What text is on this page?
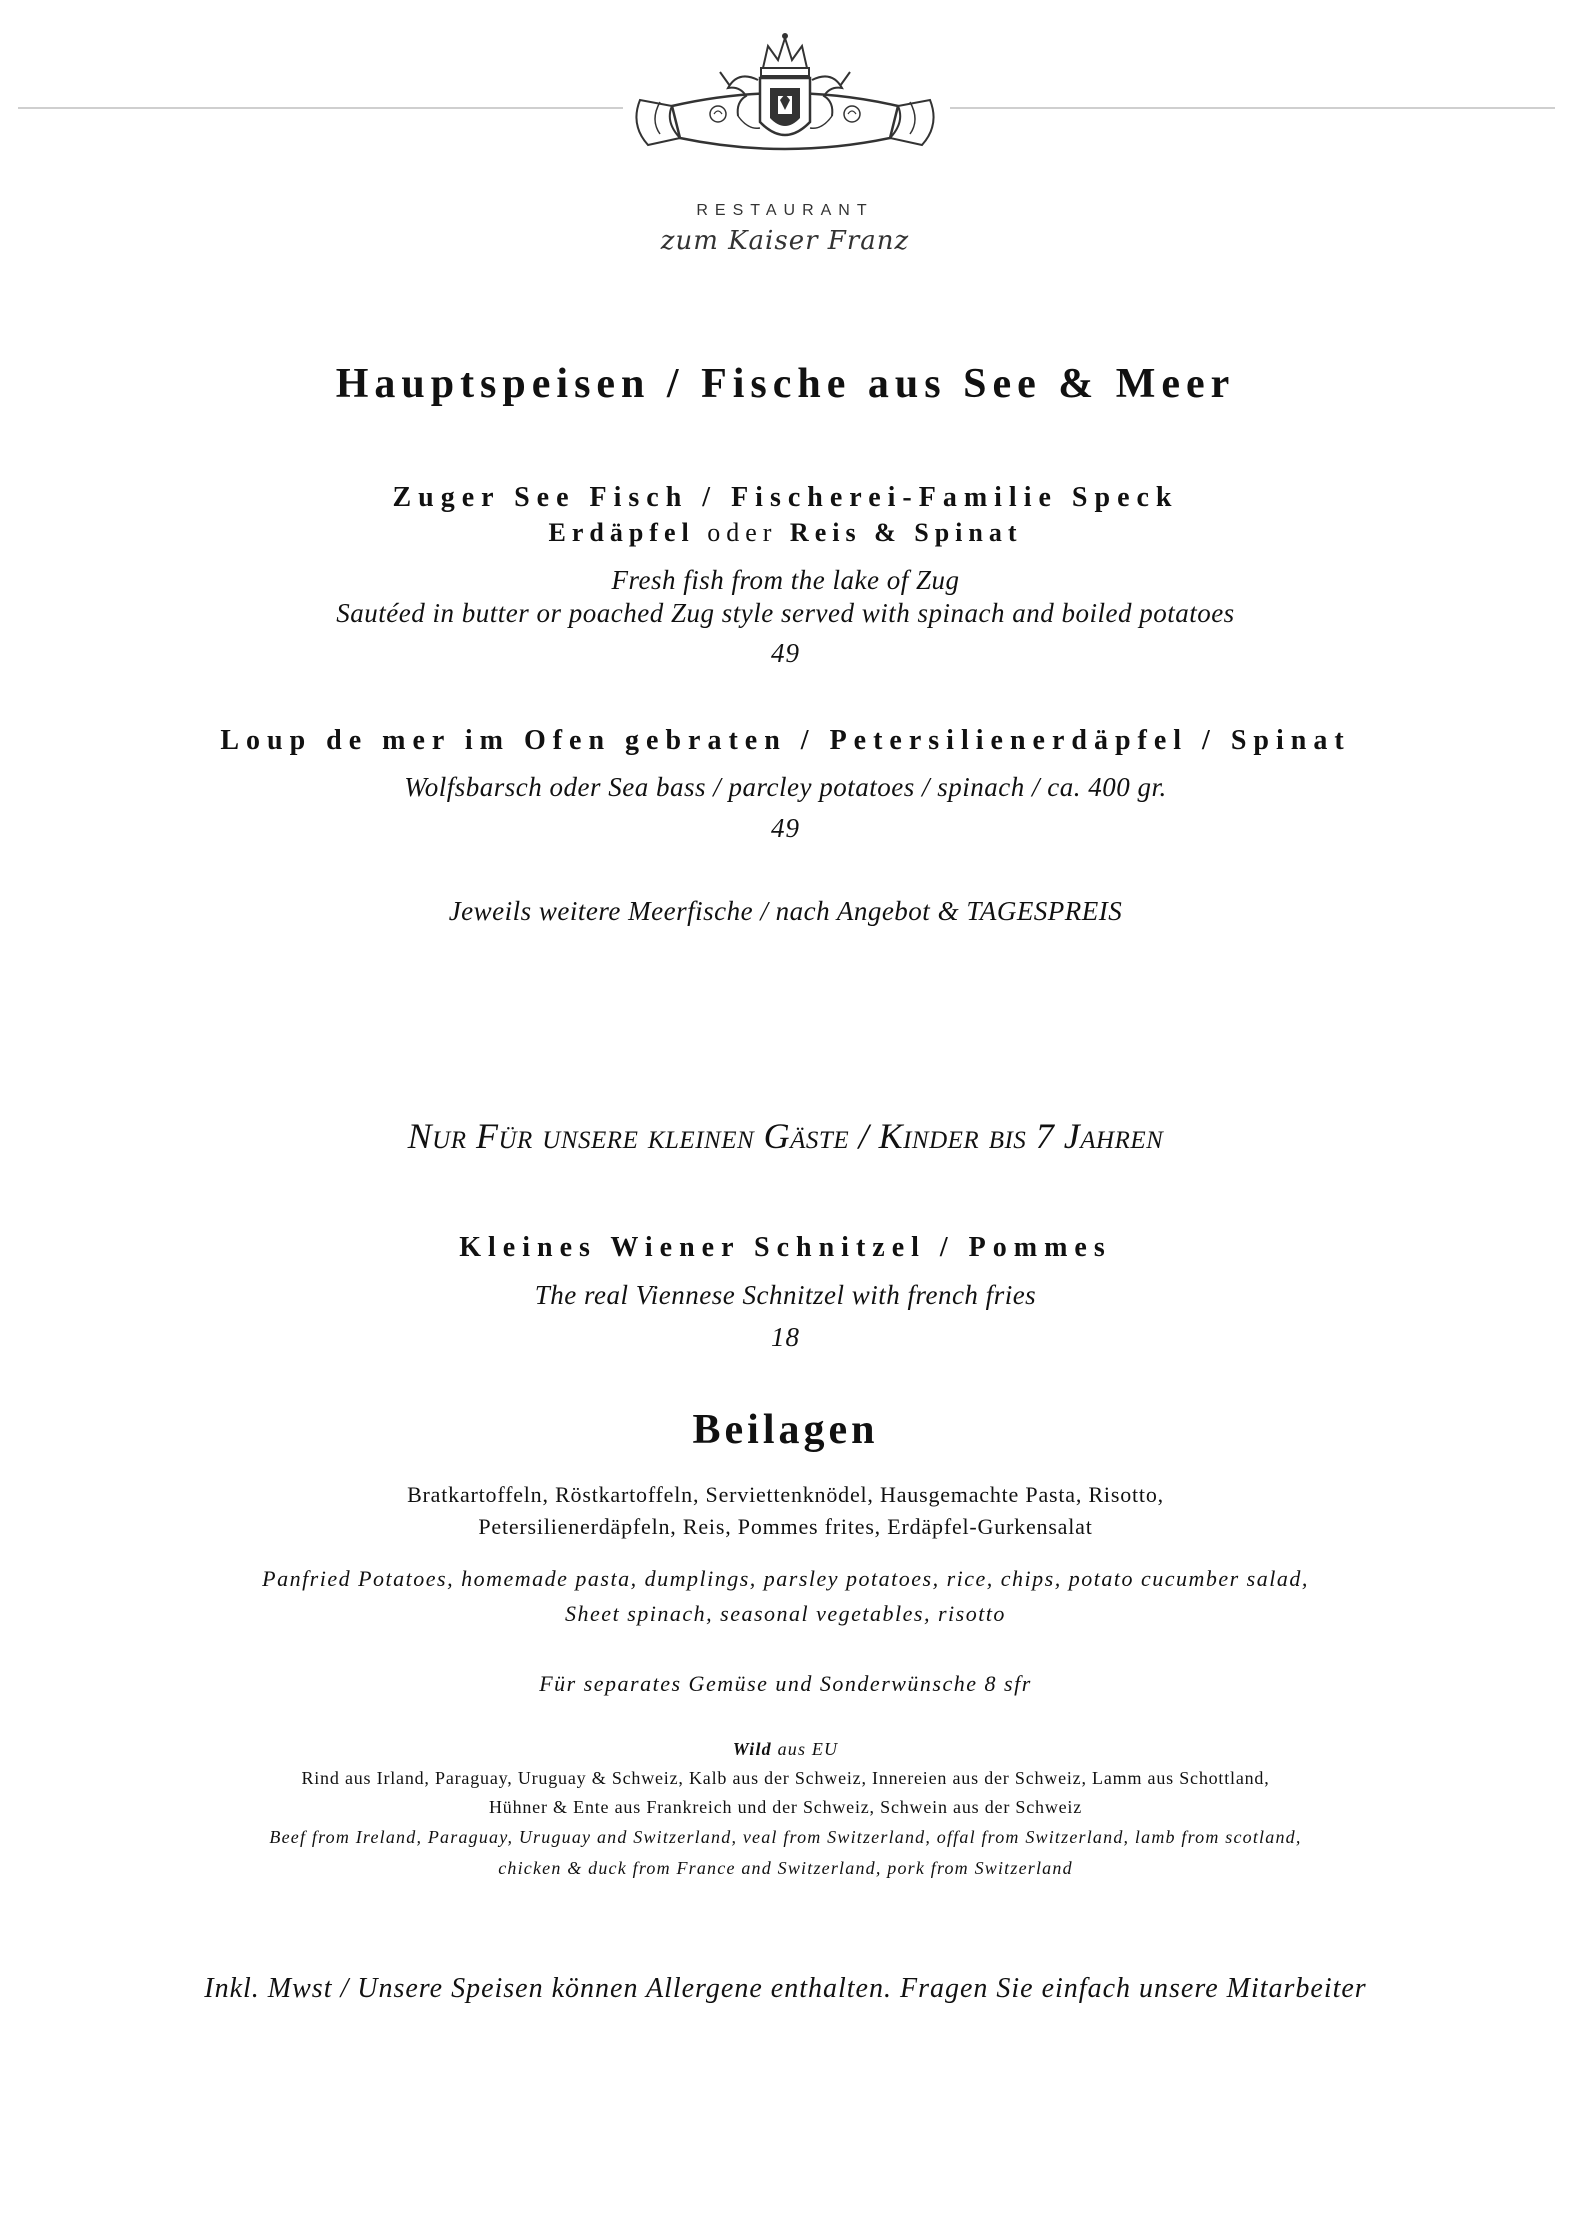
RESTAURANT
zum Kaiser Franz
Hauptspeisen / Fische aus See & Meer
Zuger See Fisch / Fischerei-Familie Speck
Erdäpfel oder Reis & Spinat
Fresh fish from the lake of Zug
Sautéed in butter or poached Zug style served with spinach and boiled potatoes
49
Loup de mer im Ofen gebraten / Petersilienerdäpfel / Spinat
Wolfsbarsch oder Sea bass / parcley potatoes / spinach / ca. 400 gr.
49
Jeweils weitere Meerfische / nach Angebot & TAGESPREIS
Nur Für unsere kleinen Gäste / Kinder bis 7 Jahren
Kleines Wiener Schnitzel / Pommes
The real Viennese Schnitzel with french fries
18
Beilagen
Bratkartoffeln, Röstkartoffeln, Serviettenknödel, Hausgemachte Pasta, Risotto,
Petersilienerdäpfeln, Reis, Pommes frites, Erdäpfel-Gurkensalat
Panfried Potatoes, homemade pasta, dumplings, parsley potatoes, rice, chips, potato cucumber salad,
Sheet spinach, seasonal vegetables, risotto
Für separates Gemüse und Sonderwünsche 8 sfr
Wild aus EU
Rind aus Irland, Paraguay, Uruguay & Schweiz, Kalb aus der Schweiz, Innereien aus der Schweiz, Lamm aus Schottland,
Hühner & Ente aus Frankreich und der Schweiz, Schwein aus der Schweiz
Beef from Ireland, Paraguay, Uruguay and Switzerland, veal from Switzerland, offal from Switzerland, lamb from scotland,
chicken & duck from France and Switzerland, pork from Switzerland
Inkl. Mwst / Unsere Speisen können Allergene enthalten. Fragen Sie einfach unsere Mitarbeiter
